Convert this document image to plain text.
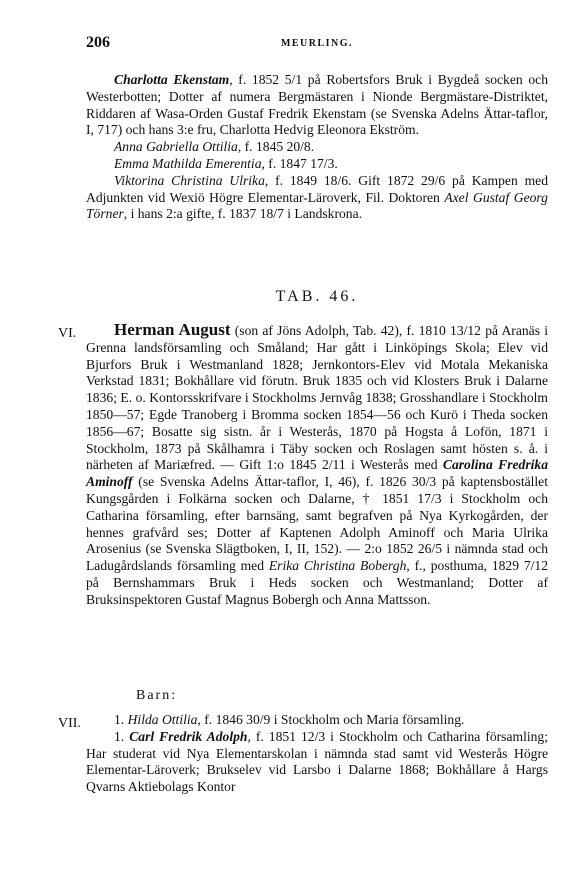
206	MEURLING.
Charlotta Ekenstam, f. 1852 5/1 på Robertsfors Bruk i Bygdeå socken och Westerbotten; Dotter af numera Bergmästaren i Nionde Bergmästare-Distriktet, Riddaren af Wasa-Orden Gustaf Fredrik Ekenstam (se Svenska Adelns Ättar-taflor, I, 717) och hans 3:e fru, Charlotta Hedvig Eleonora Ekström.
Anna Gabriella Ottilia, f. 1845 20/8.
Emma Mathilda Emerentia, f. 1847 17/3.
Viktorina Christina Ulrika, f. 1849 18/6. Gift 1872 29/6 på Kampen med Adjunkten vid Wexiö Högre Elementar-Läroverk, Fil. Doktoren Axel Gustaf Georg Törner, i hans 2:a gifte, f. 1837 18/7 i Landskrona.
TAB. 46.
VI.	Herman August (son af Jöns Adolph, Tab. 42), f. 1810 13/12 på Aranäs i Grenna landsförsamling och Småland; Har gått i Linköpings Skola; Elev vid Bjurfors Bruk i Westmanland 1828; Jernkontors-Elev vid Motala Mekaniska Verkstad 1831; Bokhållare vid förutn. Bruk 1835 och vid Klosters Bruk i Dalarne 1836; E. o. Kontorsskrifvare i Stockholms Jernvåg 1838; Grosshandlare i Stockholm 1850—57; Egde Tranoberg i Bromma socken 1854—56 och Kurö i Theda socken 1856—67; Bosatte sig sistn. år i Westerås, 1870 på Hogsta å Lofön, 1871 i Stockholm, 1873 på Skålhamra i Täby socken och Roslagen samt hösten s. å. i närheten af Mariæfred. — Gift 1:o 1845 2/11 i Westerås med Carolina Fredrika Aminoff (se Svenska Adelns Ättar-taflor, I, 46), f. 1826 30/3 på kaptensbostället Kungsgården i Folkärna socken och Dalarne, † 1851 17/3 i Stockholm och Catharina församling, efter barnsäng, samt begrafven på Nya Kyrkogården, der hennes grafvård ses; Dotter af Kaptenen Adolph Aminoff och Maria Ulrika Arosenius (se Svenska Slägtboken, I, II, 152). — 2:o 1852 26/5 i nämnda stad och Ladugårdslands församling med Erika Christina Bobergh, f., posthuma, 1829 7/12 på Bernshammars Bruk i Heds socken och Westmanland; Dotter af Bruksinspektoren Gustaf Magnus Bobergh och Anna Mattsson.
Barn:
VII.	1. Hilda Ottilia, f. 1846 30/9 i Stockholm och Maria församling.
1. Carl Fredrik Adolph, f. 1851 12/3 i Stockholm och Catharina församling; Har studerat vid Nya Elementarskolan i nämnda stad samt vid Westerås Högre Elementar-Läroverk; Brukselev vid Larsbo i Dalarne 1868; Bokhållare å Hargs Qvarns Aktiebolags Kontor
